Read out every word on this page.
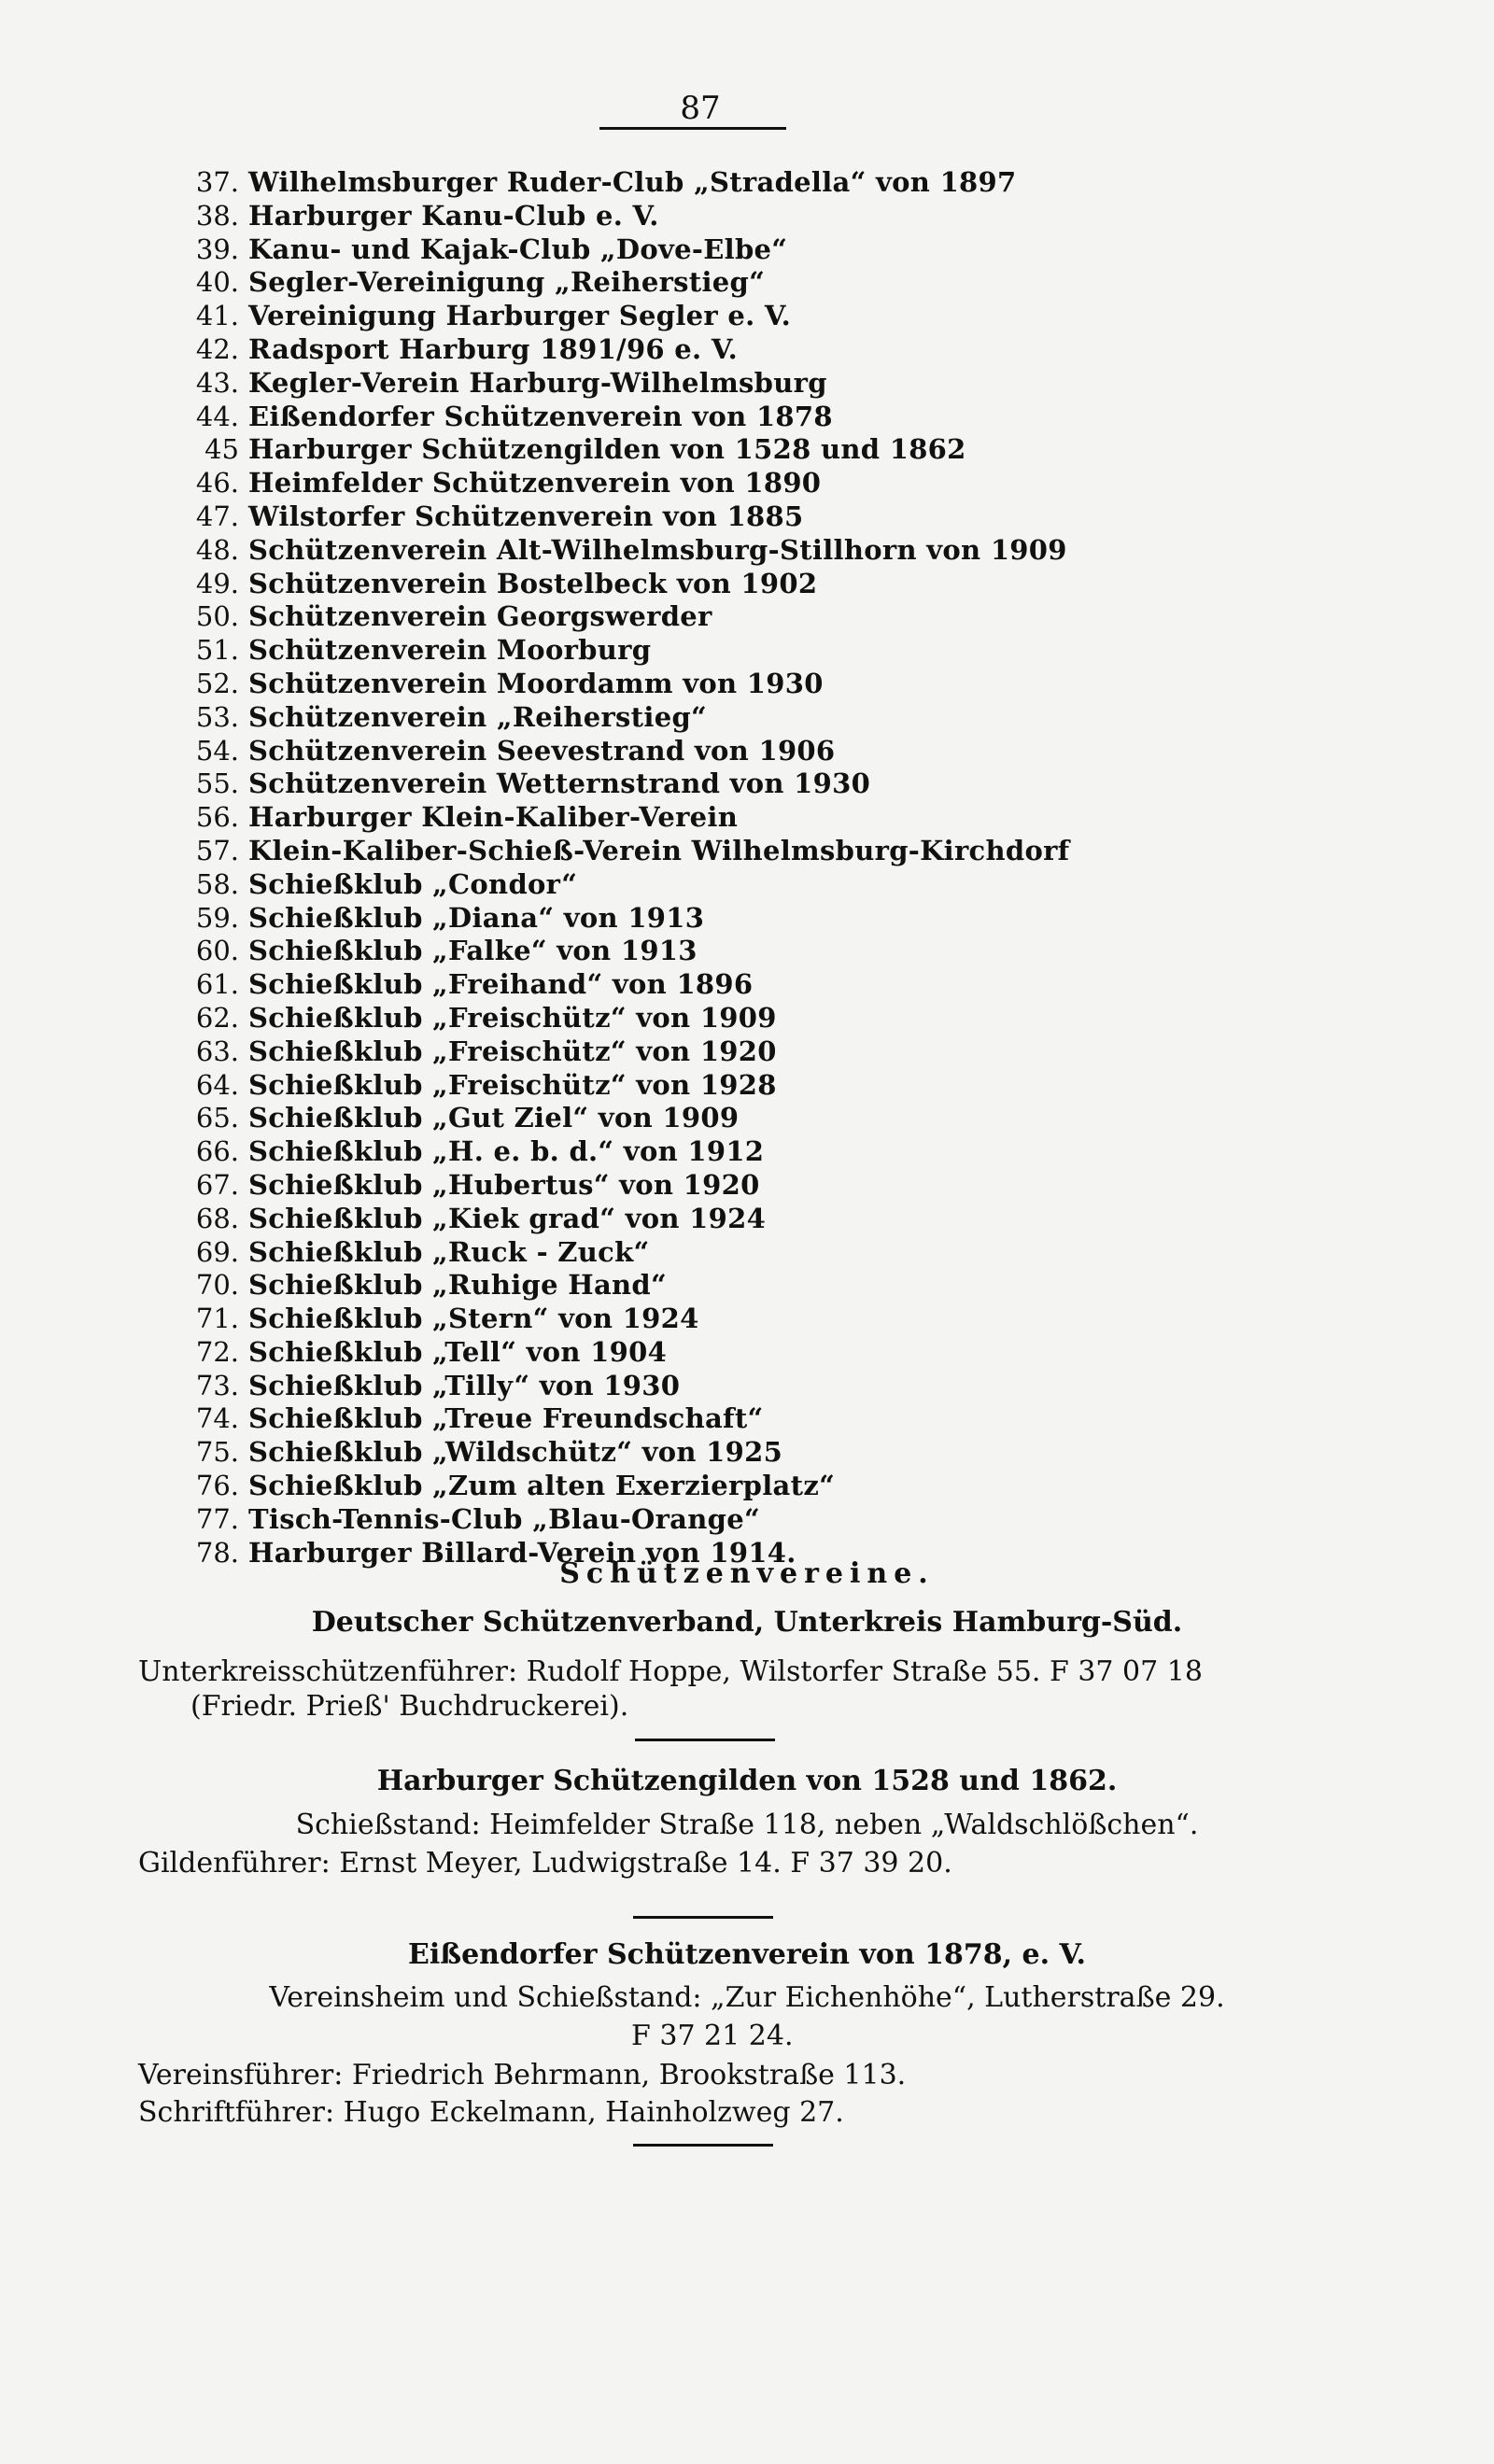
87
37. Wilhelmsburger Ruder-Club „Stradella“ von 1897
38. Harburger Kanu-Club e. V.
39. Kanu- und Kajak-Club „Dove-Elbe“
40. Segler-Vereinigung „Reiherstieg“
41. Vereinigung Harburger Segler e. V.
42. Radsport Harburg 1891/96 e. V.
43. Kegler-Verein Harburg-Wilhelmsburg
44. Eißendorfer Schützenverein von 1878
45 Harburger Schützengilden von 1528 und 1862
46. Heimfelder Schützenverein von 1890
47. Wilstorfer Schützenverein von 1885
48. Schützenverein Alt-Wilhelmsburg-Stillhorn von 1909
49. Schützenverein Bostelbeck von 1902
50. Schützenverein Georgswerder
51. Schützenverein Moorburg
52. Schützenverein Moordamm von 1930
53. Schützenverein „Reiherstieg“
54. Schützenverein Seevestrand von 1906
55. Schützenverein Wetternstrand von 1930
56. Harburger Klein-Kaliber-Verein
57. Klein-Kaliber-Schieß-Verein Wilhelmsburg-Kirchdorf
58. Schießklub „Condor“
59. Schießklub „Diana“ von 1913
60. Schießklub „Falke“ von 1913
61. Schießklub „Freihand“ von 1896
62. Schießklub „Freischütz“ von 1909
63. Schießklub „Freischütz“ von 1920
64. Schießklub „Freischütz“ von 1928
65. Schießklub „Gut Ziel“ von 1909
66. Schießklub „H. e. b. d.“ von 1912
67. Schießklub „Hubertus“ von 1920
68. Schießklub „Kiek grad“ von 1924
69. Schießklub „Ruck - Zuck“
70. Schießklub „Ruhige Hand“
71. Schießklub „Stern“ von 1924
72. Schießklub „Tell“ von 1904
73. Schießklub „Tilly“ von 1930
74. Schießklub „Treue Freundschaft“
75. Schießklub „Wildschütz“ von 1925
76. Schießklub „Zum alten Exerzierplatz“
77. Tisch-Tennis-Club „Blau-Orange“
78. Harburger Billard-Verein von 1914.
Schützenvereine.
Deutscher Schützenverband, Unterkreis Hamburg-Süd.
Unterkreisschützenführer: Rudolf Hoppe, Wilstorfer Straße 55. F 37 07 18
(Friedr. Prieß' Buchdruckerei).
Harburger Schützengilden von 1528 und 1862.
Schießstand: Heimfelder Straße 118, neben „Waldschlößchen“.
Gildenführer: Ernst Meyer, Ludwigstraße 14. F 37 39 20.
Eißendorfer Schützenverein von 1878, e. V.
Vereinsheim und Schießstand: „Zur Eichenhöhe“, Lutherstraße 29.
F 37 21 24.
Vereinsführer: Friedrich Behrmann, Brookstraße 113.
Schriftführer: Hugo Eckelmann, Hainholzweg 27.
